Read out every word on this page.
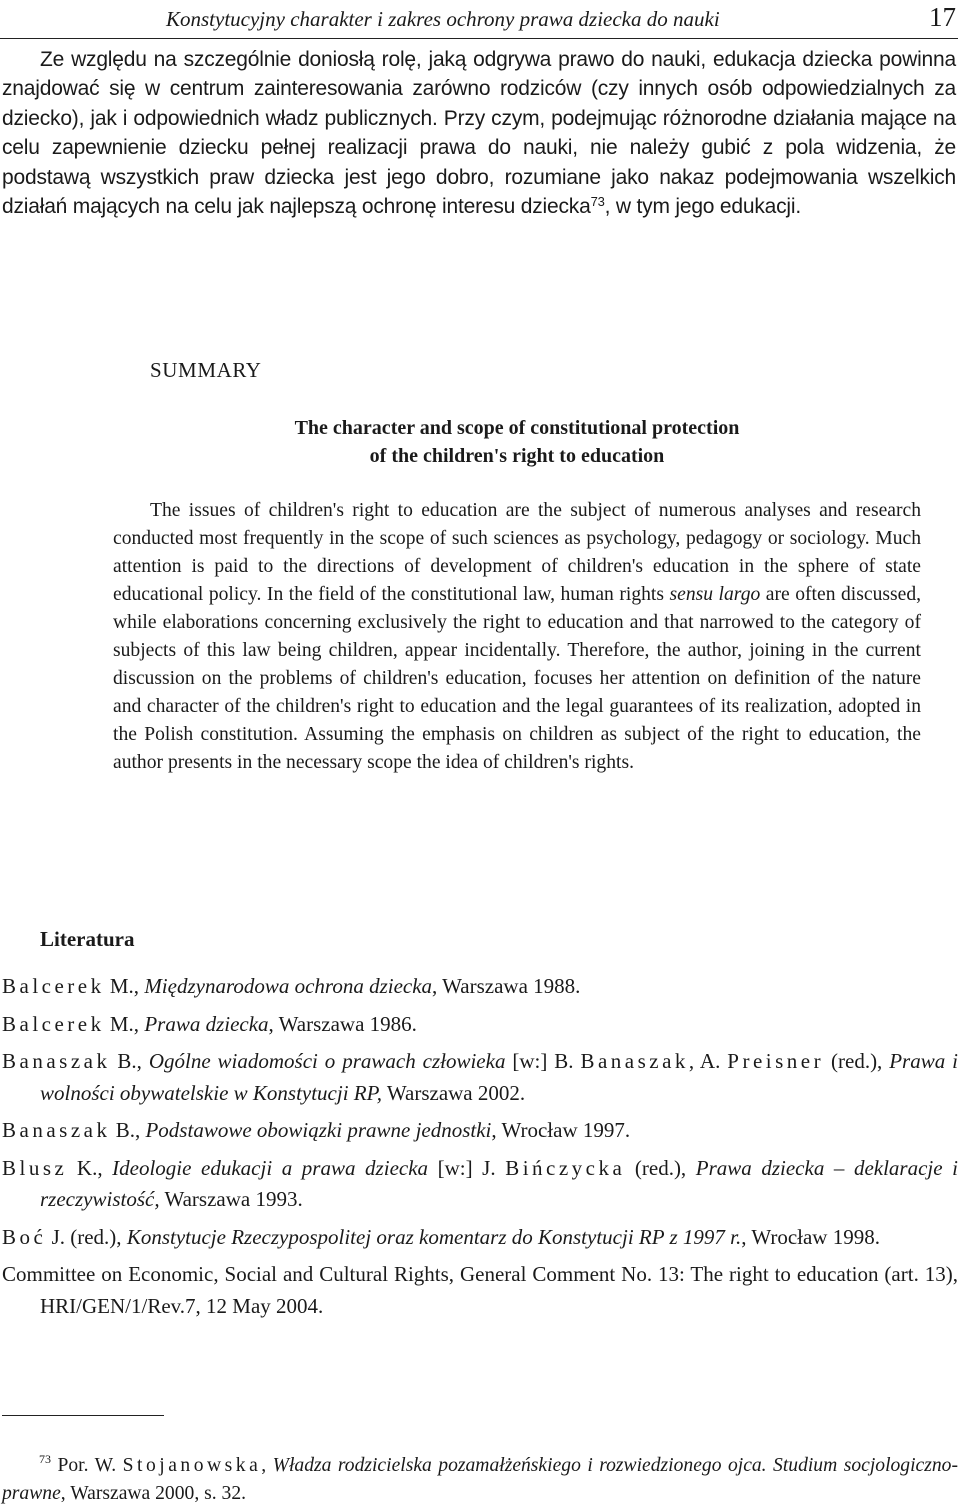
Konstytucyjny charakter i zakres ochrony prawa dziecka do nauki	17

Ze względu na szczególnie doniosłą rolę, jaką odgrywa prawo do nauki, edukacja dziecka powinna znajdować się w centrum zainteresowania zarówno rodziców (czy innych osób odpowiedzialnych za dziecko), jak i odpowiednich władz publicznych. Przy czym, podejmując różnorodne działania mające na celu zapewnienie dziecku pełnej realizacji prawa do nauki, nie należy gubić z pola widzenia, że podstawą wszystkich praw dziecka jest jego dobro, rozumiane jako nakaz podejmowania wszelkich działań mających na celu jak najlepszą ochronę interesu dziecka$^{73}$, w tym jego edukacji.

SUMMARY
The character and scope of constitutional protection
of the children's right to education

The issues of children's right to education are the subject of numerous analyses and research conducted most frequently in the scope of such sciences as psychology, pedagogy or sociology. Much attention is paid to the directions of development of children's education in the sphere of state educational policy. In the field of the constitutional law, human rights sensu largo are often discussed, while elaborations concerning exclusively the right to education and that narrowed to the category of subjects of this law being children, appear incidentally. Therefore, the author, joining in the current discussion on the problems of children's education, focuses her attention on definition of the nature and character of the children's right to education and the legal guarantees of its realization, adopted in the Polish constitution. Assuming the emphasis on children as subject of the right to education, the author presents in the necessary scope the idea of children's rights.

Literatura

Balcerek M., Międzynarodowa ochrona dziecka, Warszawa 1988.

Balcerek M., Prawa dziecka, Warszawa 1986.

Banaszak B., Ogólne wiadomości o prawach człowieka [w:] B. Banaszak, A. Preisner (red.), Prawa i wolności obywatelskie w Konstytucji RP, Warszawa 2002.

Banaszak B., Podstawowe obowiązki prawne jednostki, Wrocław 1997.

Blusz K., Ideologie edukacji a prawa dziecka [w:] J. Bińczycka (red.), Prawa dziecka – deklaracje i rzeczywistość, Warszawa 1993.

Boć J. (red.), Konstytucje Rzeczypospolitej oraz komentarz do Konstytucji RP z 1997 r., Wrocław 1998.

Committee on Economic, Social and Cultural Rights, General Comment No. 13: The right to education (art. 13), HRI/GEN/1/Rev.7, 12 May 2004.

$^{73}$ Por. W. Stojanowska, Władza rodzicielska pozamałżeńskiego i rozwiedzionego ojca. Studium socjologiczno-prawne, Warszawa 2000, s. 32.
